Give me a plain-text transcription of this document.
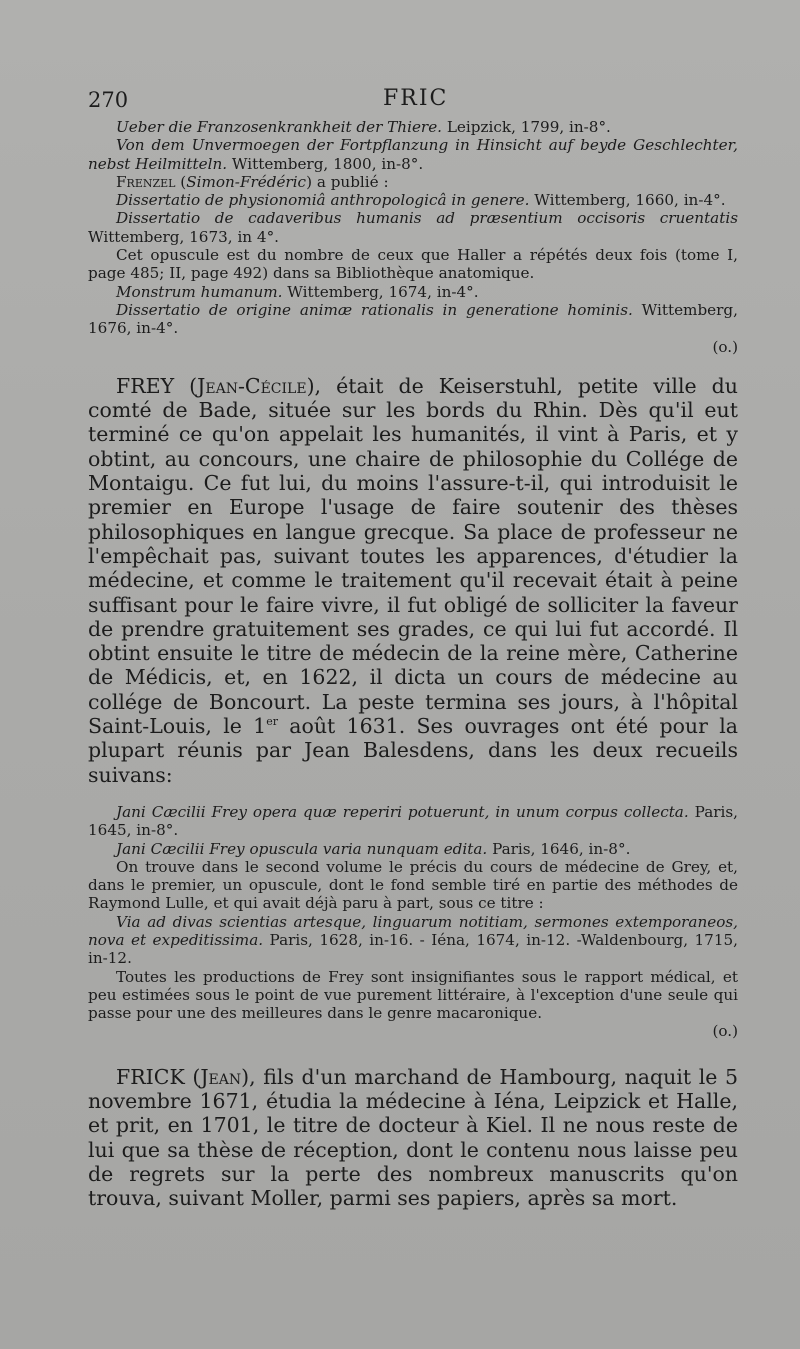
270	FRIC

Ueber die Franzosenkrankheit der Thiere. Leipzick, 1799, in-8°.

Von dem Unvermoegen der Fortpflanzung in Hinsicht auf beyde Geschlechter, nebst Heilmitteln. Wittemberg, 1800, in-8°.

Frenzel (Simon-Frédéric) a publié :

Dissertatio de physionomiâ anthropologicâ in genere. Wittemberg, 1660, in-4°.

Dissertatio de cadaveribus humanis ad præsentium occisoris cruentatis Wittemberg, 1673, in 4°.

Cet opuscule est du nombre de ceux que Haller a répétés deux fois (tome I, page 485; II, page 492) dans sa Bibliothèque anatomique.

Monstrum humanum. Wittemberg, 1674, in-4°.

Dissertatio de origine animæ rationalis in generatione hominis. Wittemberg, 1676, in-4°.

(o.)

FREY (Jean-Cécile), était de Keiserstuhl, petite ville du comté de Bade, située sur les bords du Rhin. Dès qu'il eut terminé ce qu'on appelait les humanités, il vint à Paris, et y obtint, au concours, une chaire de philosophie du Collége de Montaigu. Ce fut lui, du moins l'assure-t-il, qui introduisit le premier en Europe l'usage de faire soutenir des thèses philosophiques en langue grecque. Sa place de professeur ne l'empêchait pas, suivant toutes les apparences, d'étudier la médecine, et comme le traitement qu'il recevait était à peine suffisant pour le faire vivre, il fut obligé de solliciter la faveur de prendre gratuitement ses grades, ce qui lui fut accordé. Il obtint ensuite le titre de médecin de la reine mère, Catherine de Médicis, et, en 1622, il dicta un cours de médecine au collége de Boncourt. La peste termina ses jours, à l'hôpital Saint-Louis, le 1er août 1631. Ses ouvrages ont été pour la plupart réunis par Jean Balesdens, dans les deux recueils suivans:

Jani Cæcilii Frey opera quæ reperiri potuerunt, in unum corpus collecta. Paris, 1645, in-8°.

Jani Cæcilii Frey opuscula varia nunquam edita. Paris, 1646, in-8°.

On trouve dans le second volume le précis du cours de médecine de Grey, et, dans le premier, un opuscule, dont le fond semble tiré en partie des méthodes de Raymond Lulle, et qui avait déjà paru à part, sous ce titre :

Via ad divas scientias artesque, linguarum notitiam, sermones extemporaneos, nova et expeditissima. Paris, 1628, in-16. - Iéna, 1674, in-12. -Waldenbourg, 1715, in-12.

Toutes les productions de Frey sont insignifiantes sous le rapport médical, et peu estimées sous le point de vue purement littéraire, à l'exception d'une seule qui passe pour une des meilleures dans le genre macaronique.

(o.)

FRICK (Jean), fils d'un marchand de Hambourg, naquit le 5 novembre 1671, étudia la médecine à Iéna, Leipzick et Halle, et prit, en 1701, le titre de docteur à Kiel. Il ne nous reste de lui que sa thèse de réception, dont le contenu nous laisse peu de regrets sur la perte des nombreux manuscrits qu'on trouva, suivant Moller, parmi ses papiers, après sa mort.
